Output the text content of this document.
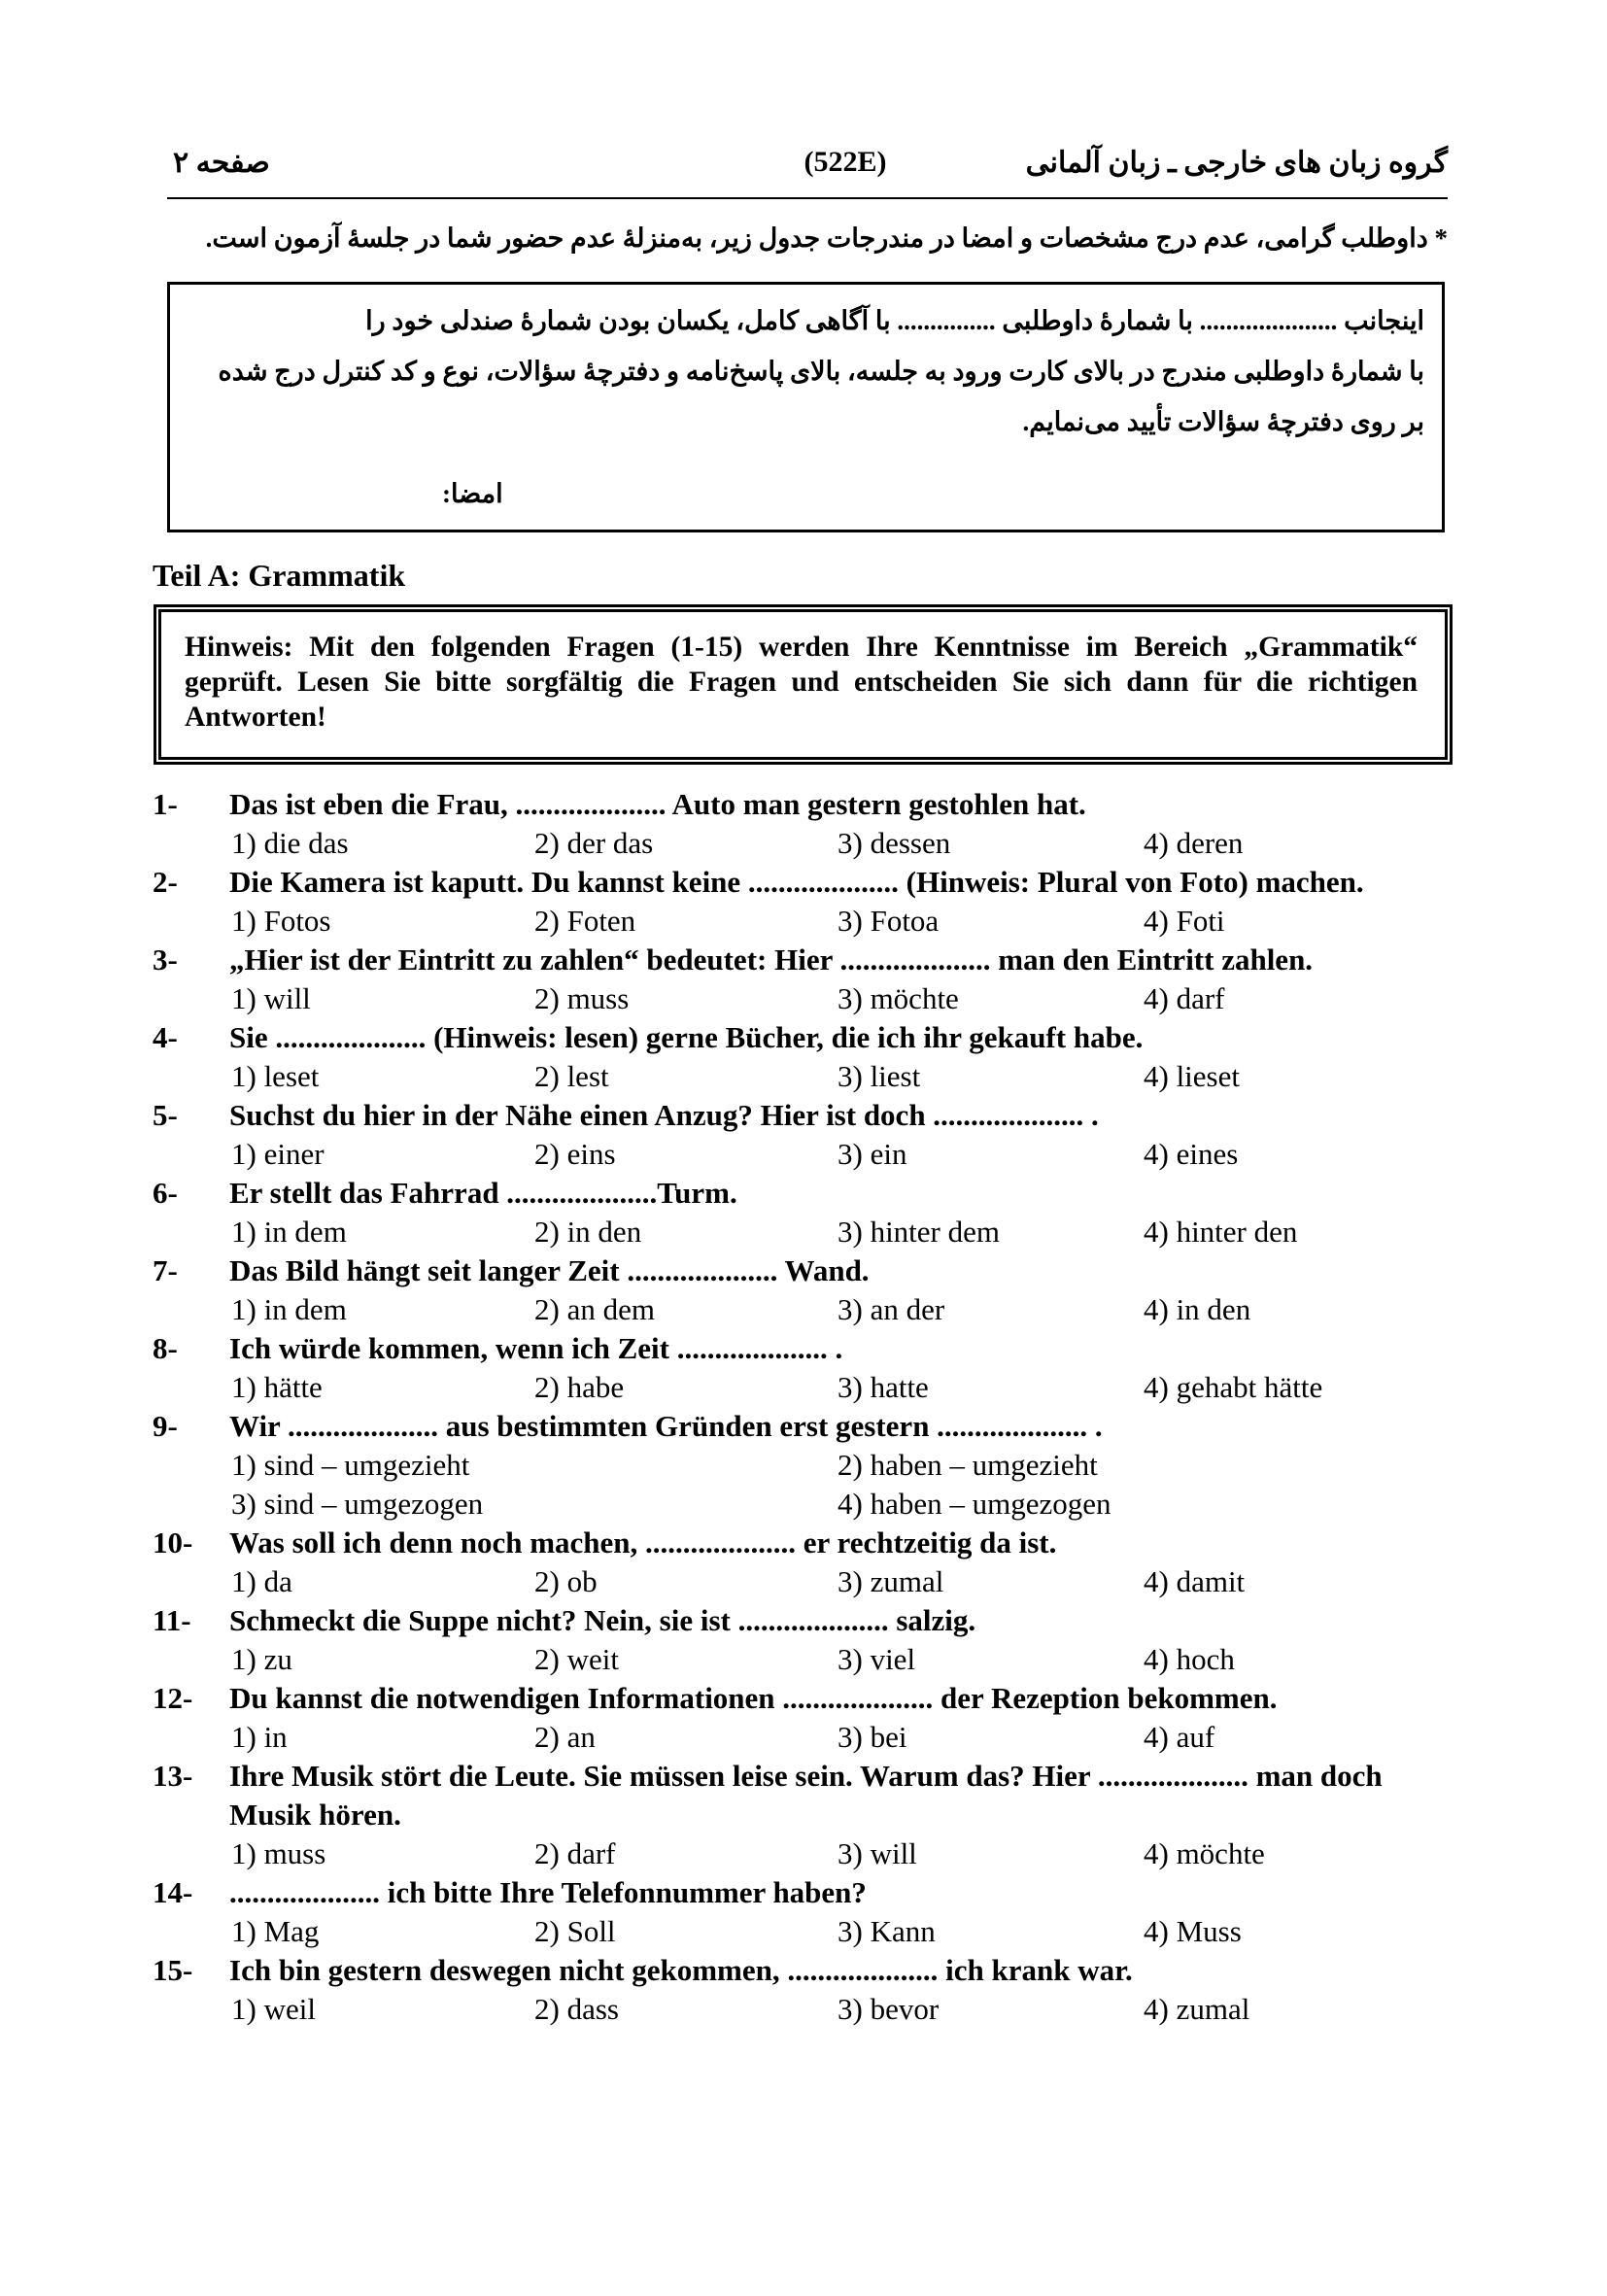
گروه زبان های خارجی ـ زبان آلمانی
(522E)
صفحه ۲
* داوطلب گرامی، عدم درج مشخصات و امضا در مندرجات جدول زیر، به‌منزلهٔ عدم حضور شما در جلسهٔ آزمون است.
اینجانب ..................... با شمارهٔ داوطلبی ............... با آگاهی کامل، یکسان بودن شمارهٔ صندلی خود را
با شمارهٔ داوطلبی مندرج در بالای کارت ورود به جلسه، بالای پاسخ‌نامه و دفترچهٔ سؤالات، نوع و کد کنترل درج شده
بر روی دفترچهٔ سؤالات تأیید می‌نمایم.
امضا:
Teil A: Grammatik

Hinweis: Mit den folgenden Fragen (1-15) werden Ihre Kenntnisse im Bereich „Grammatik“ geprüft. Lesen Sie bitte sorgfältig die Fragen und entscheiden Sie sich dann für die richtigen Antworten!

1- Das ist eben die Frau, .................... Auto man gestern gestohlen hat.
1) die das	2) der das	3) dessen	4) deren
2- Die Kamera ist kaputt. Du kannst keine .................... (Hinweis: Plural von Foto) machen.
1) Fotos	2) Foten	3) Fotoa	4) Foti
3- „Hier ist der Eintritt zu zahlen“ bedeutet: Hier .................... man den Eintritt zahlen.
1) will	2) muss	3) möchte	4) darf
4- Sie .................... (Hinweis: lesen) gerne Bücher, die ich ihr gekauft habe.
1) leset	2) lest	3) liest	4) lieset
5- Suchst du hier in der Nähe einen Anzug? Hier ist doch .................... .
1) einer	2) eins	3) ein	4) eines
6- Er stellt das Fahrrad ....................Turm.
1) in dem	2) in den	3) hinter dem	4) hinter den
7- Das Bild hängt seit langer Zeit .................... Wand.
1) in dem	2) an dem	3) an der	4) in den
8- Ich würde kommen, wenn ich Zeit .................... .
1) hätte	2) habe	3) hatte	4) gehabt hätte
9- Wir .................... aus bestimmten Gründen erst gestern .................... .
1) sind – umgezieht	2) haben – umgezieht
3) sind – umgezogen	4) haben – umgezogen
10- Was soll ich denn noch machen, .................... er rechtzeitig da ist.
1) da	2) ob	3) zumal	4) damit
11- Schmeckt die Suppe nicht? Nein, sie ist .................... salzig.
1) zu	2) weit	3) viel	4) hoch
12- Du kannst die notwendigen Informationen .................... der Rezeption bekommen.
1) in	2) an	3) bei	4) auf
13- Ihre Musik stört die Leute. Sie müssen leise sein. Warum das? Hier .................... man doch
Musik hören.
1) muss	2) darf	3) will	4) möchte
14- .................... ich bitte Ihre Telefonnummer haben?
1) Mag	2) Soll	3) Kann	4) Muss
15- Ich bin gestern deswegen nicht gekommen, .................... ich krank war.
1) weil	2) dass	3) bevor	4) zumal
